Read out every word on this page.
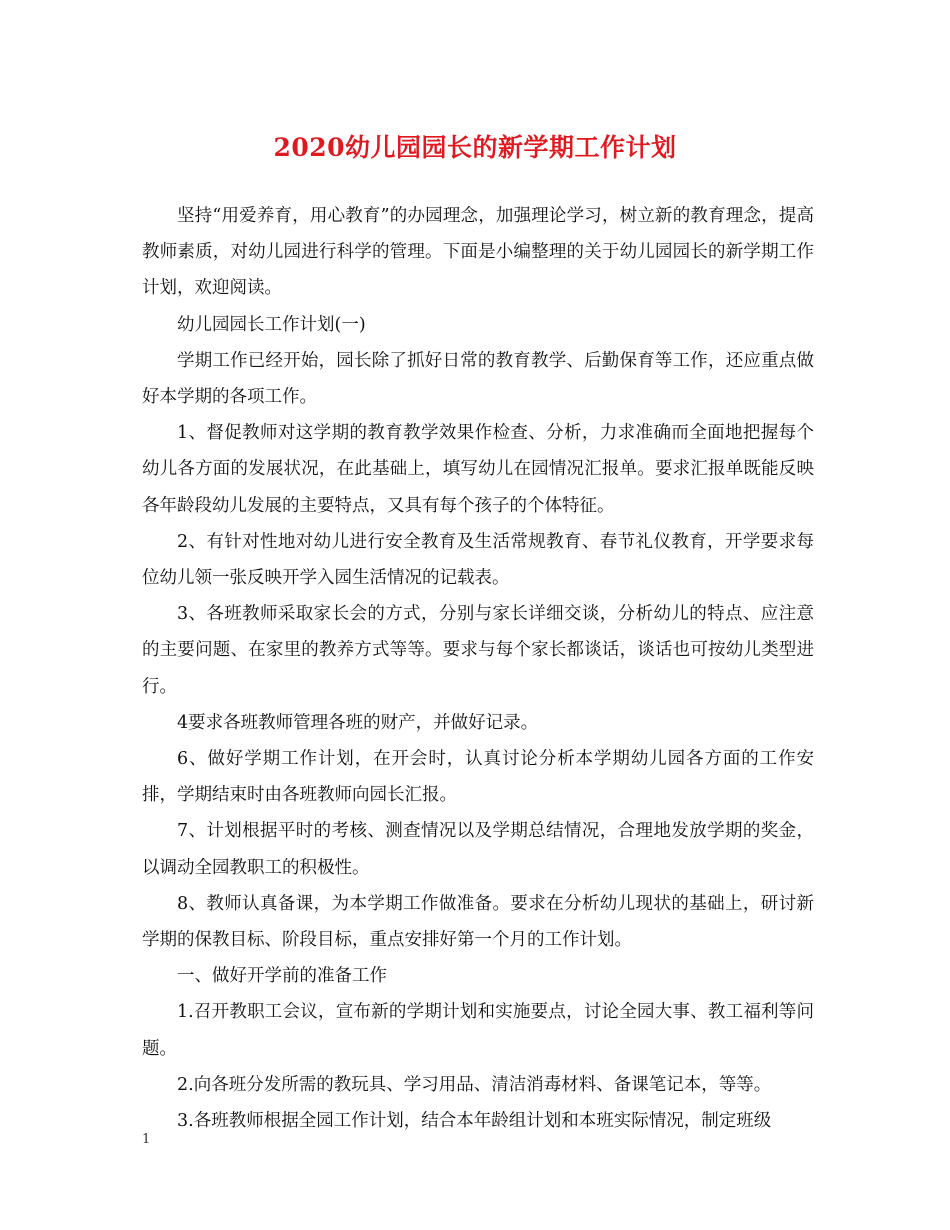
2020幼儿园园长的新学期工作计划

坚持“用爱养育，用心教育”的办园理念，加强理论学习，树立新的教育理念，提高教师素质，对幼儿园进行科学的管理。下面是小编整理的关于幼儿园园长的新学期工作计划，欢迎阅读。

幼儿园园长工作计划(一)

学期工作已经开始，园长除了抓好日常的教育教学、后勤保育等工作，还应重点做好本学期的各项工作。

1、督促教师对这学期的教育教学效果作检查、分析，力求准确而全面地把握每个幼儿各方面的发展状况，在此基础上，填写幼儿在园情况汇报单。要求汇报单既能反映各年龄段幼儿发展的主要特点，又具有每个孩子的个体特征。

2、有针对性地对幼儿进行安全教育及生活常规教育、春节礼仪教育，开学要求每位幼儿领一张反映开学入园生活情况的记载表。

3、各班教师采取家长会的方式，分别与家长详细交谈，分析幼儿的特点、应注意的主要问题、在家里的教养方式等等。要求与每个家长都谈话，谈话也可按幼儿类型进行。

4要求各班教师管理各班的财产，并做好记录。

6、做好学期工作计划，在开会时，认真讨论分析本学期幼儿园各方面的工作安排，学期结束时由各班教师向园长汇报。

7、计划根据平时的考核、测查情况以及学期总结情况，合理地发放学期的奖金，以调动全园教职工的积极性。

8、教师认真备课，为本学期工作做准备。要求在分析幼儿现状的基础上，研讨新学期的保教目标、阶段目标，重点安排好第一个月的工作计划。

一、做好开学前的准备工作

1.召开教职工会议，宣布新的学期计划和实施要点，讨论全园大事、教工福利等问题。

2.向各班分发所需的教玩具、学习用品、清洁消毒材料、备课笔记本，等等。

3.各班教师根据全园工作计划，结合本年龄组计划和本班实际情况，制定班级

1
